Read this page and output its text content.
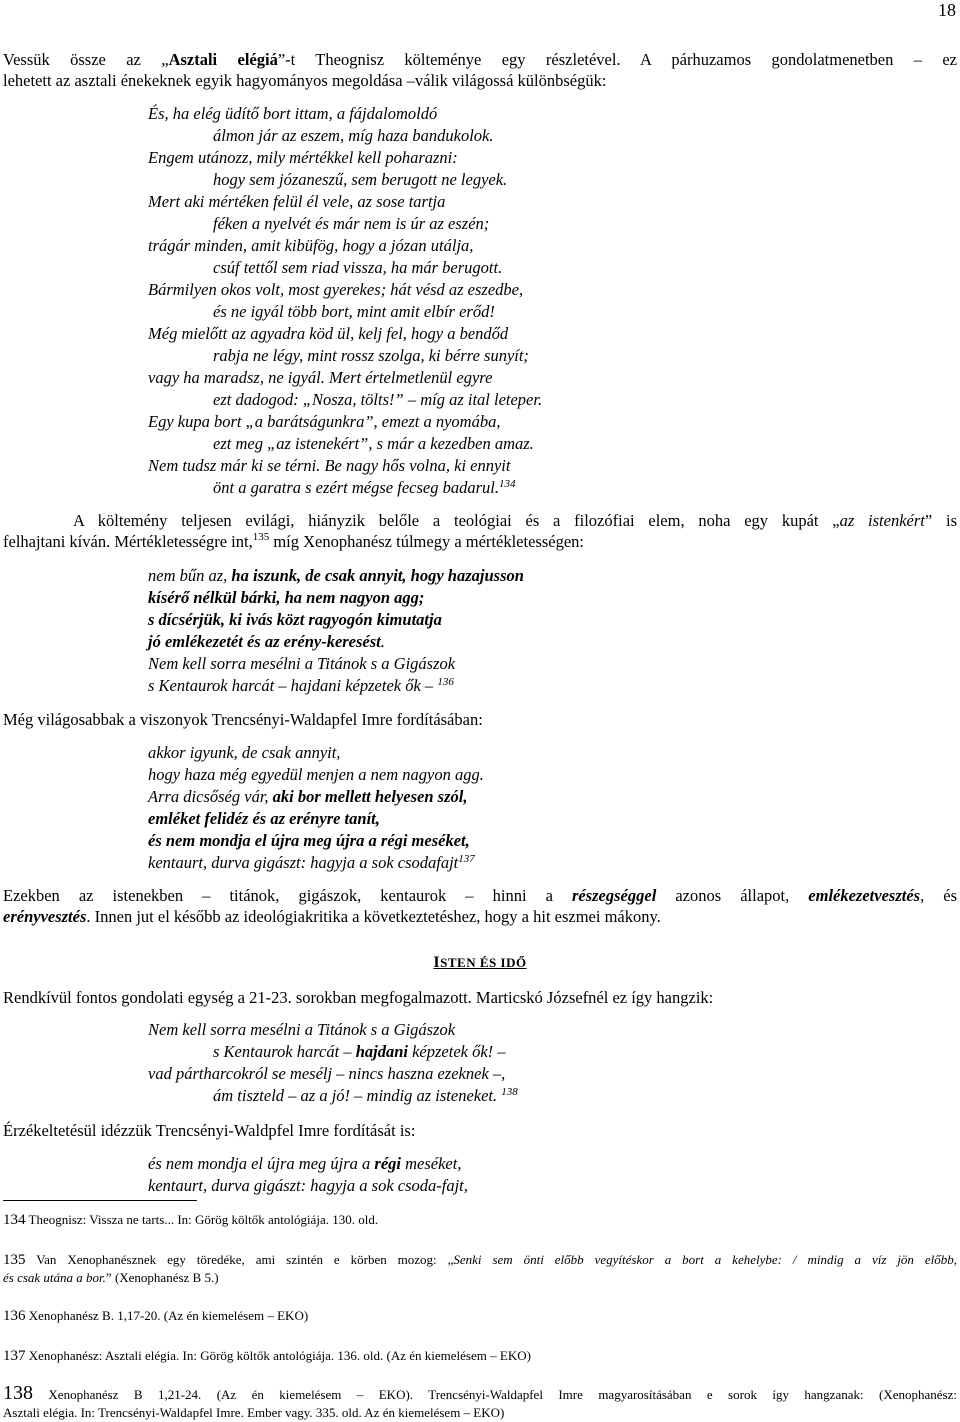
18
Vessük össze az „Asztali elégiá”-t Theognisz költeménye egy részletével. A párhuzamos gondolatmenetben – ez
lehetett az asztali énekeknek egyik hagyományos megoldása –válik világossá különbségük:
És, ha elég üdítő bort ittam, a fájdalomoldó
álmon jár az eszem, míg haza bandukolok.
Engem utánozz, mily mértékkel kell poharazni:
hogy sem józaneszű, sem berugott ne legyek.
Mert aki mértéken felül él vele, az sose tartja
féken a nyelvét és már nem is úr az eszén;
trágár minden, amit kibüfög, hogy a józan utálja,
csúf tettől sem riad vissza, ha már berugott.
Bármilyen okos volt, most gyerekes; hát vésd az eszedbe,
és ne igyál több bort, mint amit elbír erőd!
Még mielőtt az agyadra köd ül, kelj fel, hogy a bendőd
rabja ne légy, mint rossz szolga, ki bérre sunyít;
vagy ha maradsz, ne igyál. Mert értelmetlenül egyre
ezt dadogod: „Nosza, tölts!” – míg az ital leteper.
Egy kupa bort „a barátságunkra”, emezt a nyomába,
ezt meg „az istenekért”, s már a kezedben amaz.
Nem tudsz már ki se térni. Be nagy hős volna, ki ennyit
önt a garatra s ezért mégse fecseg badarul.$^{134}$
A költemény teljesen evilági, hiányzik belőle a teológiai és a filozófiai elem, noha egy kupát „az istenkért” is
felhajtani kíván. Mértékletességre int,$^{135}$ míg Xenophanész túlmegy a mértékletességen:
nem bűn az, ha iszunk, de csak annyit, hogy hazajusson
kísérő nélkül bárki, ha nem nagyon agg;
s dícsérjük, ki ivás közt ragyogón kimutatja
jó emlékezetét és az erény-keresést.
Nem kell sorra mesélni a Titánok s a Gigászok
s Kentaurok harcát – hajdani képzetek ők – $^{136}$
Még világosabbak a viszonyok Trencsényi-Waldapfel Imre fordításában:
akkor igyunk, de csak annyit,
hogy haza még egyedül menjen a nem nagyon agg.
Arra dicsőség vár, aki bor mellett helyesen szól,
emléket felidéz és az erényre tanít,
és nem mondja el újra meg újra a régi meséket,
kentaurt, durva gigászt: hagyja a sok csodafajt$^{137}$
Ezekben az istenekben – titánok, gigászok, kentaurok – hinni a részegséggel azonos állapot, emlékezetvesztés, és
erényvesztés. Innen jut el később az ideológiakritika a következtetéshez, hogy a hit eszmei mákony.
ISTEN ÉS IDŐ
Rendkívül fontos gondolati egység a 21-23. sorokban megfogalmazott. Marticskó Józsefnél ez így hangzik:
Nem kell sorra mesélni a Titánok s a Gigászok
s Kentaurok harcát – hajdani képzetek ők! –
vad pártharcokról se mesélj – nincs haszna ezeknek –,
ám tiszteld – az a jó! – mindig az isteneket. $^{138}$
Érzékeltetésül idézzük Trencsényi-Waldpfel Imre fordítását is:
és nem mondja el újra meg újra a régi meséket,
kentaurt, durva gigászt: hagyja a sok csoda-fajt,
134 Theognisz: Vissza ne tarts... In: Görög költők antológiája. 130. old.
135 Van Xenophanésznek egy töredéke, ami szintén e körben mozog: „Senki sem önti előbb vegyítéskor a bort a kehelybe: / mindig a víz jön előbb,
és csak utána a bor.” (Xenophanész B 5.)
136 Xenophanész B. 1,17-20. (Az én kiemelésem – EKO)
137 Xenophanész: Asztali elégia. In: Görög költők antológiája. 136. old. (Az én kiemelésem – EKO)
138 Xenophanész B 1,21-24. (Az én kiemelésem – EKO). Trencsényi-Waldapfel Imre magyarosításában e sorok így hangzanak: (Xenophanész:
Asztali elégia. In: Trencsényi-Waldapfel Imre. Ember vagy. 335. old. Az én kiemelésem – EKO)
